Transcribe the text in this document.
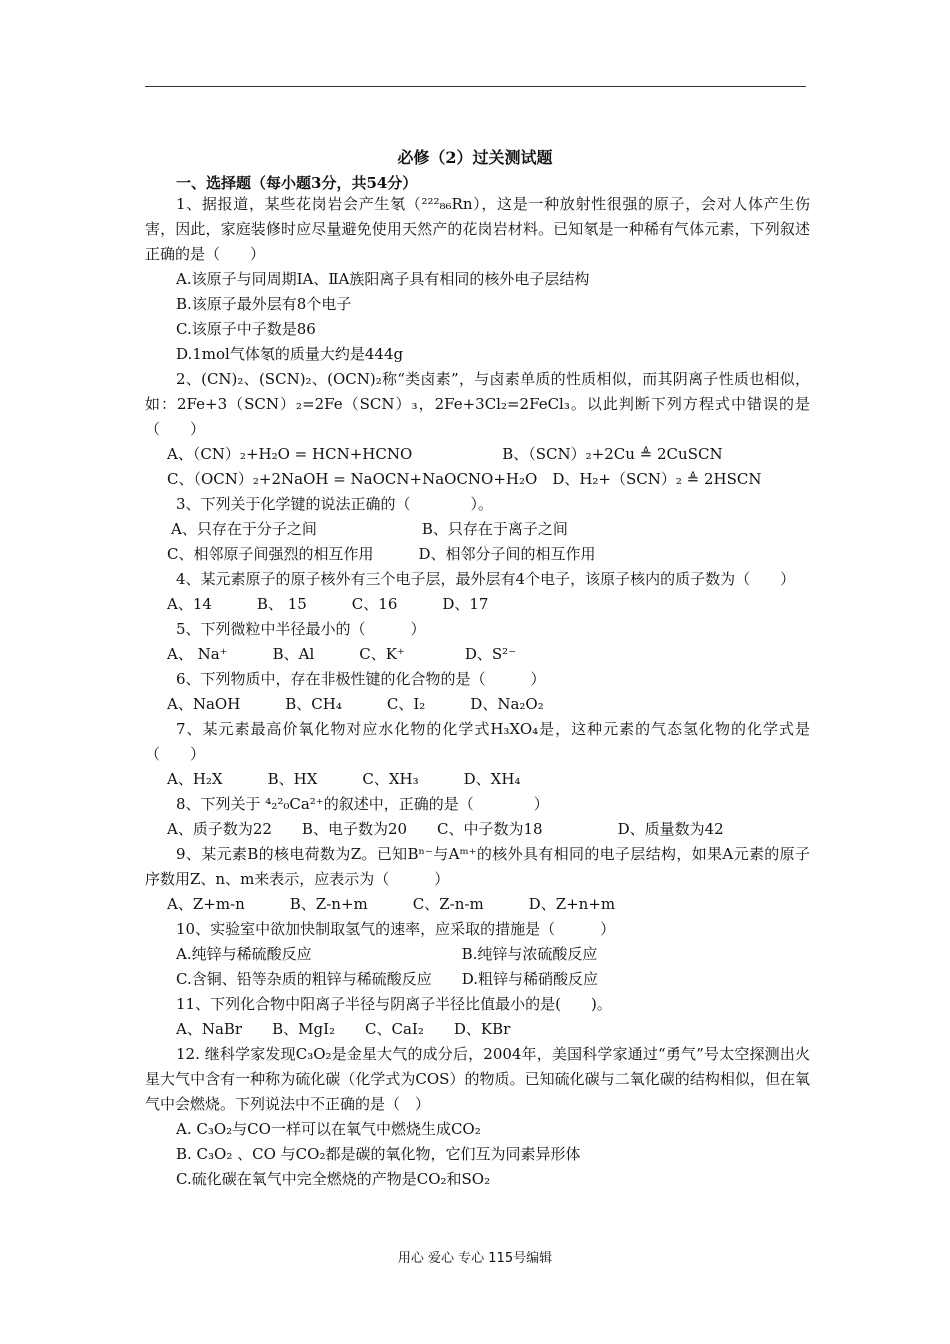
必修（2）过关测试题
一、选择题（每小题3分，共54分）
1、据报道，某些花岗岩会产生氡（²²²₈₆Rn），这是一种放射性很强的原子，会对人体产生伤害，因此，家庭装修时应尽量避免使用天然产的花岗岩材料。已知氡是一种稀有气体元素，下列叙述正确的是（　　）
A.该原子与同周期ⅠA、ⅡA族阳离子具有相同的核外电子层结构
B.该原子最外层有8个电子
C.该原子中子数是86
D.1mol气体氡的质量大约是444g
2、(CN)₂、(SCN)₂、(OCN)₂称“类卤素”，与卤素单质的性质相似，而其阴离子性质也相似，如：2Fe+3（SCN）₂=2Fe（SCN）₃，2Fe+3Cl₂=2FeCl₃。以此判断下列方程式中错误的是（　　）
A、（CN）₂+H₂O = HCN+HCNO　　　　　　B、（SCN）₂+2Cu ≜ 2CuSCN
C、（OCN）₂+2NaOH = NaOCN+NaOCNO+H₂O　D、H₂+（SCN）₂ ≜ 2HSCN
3、下列关于化学键的说法正确的（　　　　）。
A、只存在于分子之间　　　　　　　B、只存在于离子之间
C、相邻原子间强烈的相互作用　　　D、相邻分子间的相互作用
4、某元素原子的原子核外有三个电子层，最外层有4个电子，该原子核内的质子数为（　　）
A、14　　　B、 15　　　C、16　　　D、17
5、下列微粒中半径最小的（　　　）
A、 Na⁺　　　B、Al　　　C、K⁺　　　　D、S²⁻
6、下列物质中，存在非极性键的化合物的是（　　　）
A、NaOH　　　B、CH₄　　　C、I₂　　　D、Na₂O₂
7、某元素最高价氧化物对应水化物的化学式H₃XO₄是，这种元素的气态氢化物的化学式是（　　）
A、H₂X　　　B、HX　　　C、XH₃　　　D、XH₄
8、下列关于 ⁴₂²₀Ca²⁺的叙述中，正确的是（　　　　）
A、质子数为22　　B、电子数为20　　C、中子数为18　　　　　D、质量数为42
9、某元素B的核电荷数为Z。已知Bⁿ⁻与Aᵐ⁺的核外具有相同的电子层结构，如果A元素的原子序数用Z、n、m来表示，应表示为（　　　）
A、Z+m-n　　　B、Z-n+m　　　C、Z-n-m　　　D、Z+n+m
10、实验室中欲加快制取氢气的速率，应采取的措施是（　　　）
A.纯锌与稀硫酸反应　　　　　　　　　　B.纯锌与浓硫酸反应
C.含铜、铅等杂质的粗锌与稀硫酸反应　　D.粗锌与稀硝酸反应
11、下列化合物中阳离子半径与阴离子半径比值最小的是(　　)。
A、NaBr　　B、MgI₂　　C、CaI₂　　D、KBr
12. 继科学家发现C₃O₂是金星大气的成分后，2004年，美国科学家通过“勇气”号太空探测出火星大气中含有一种称为硫化碳（化学式为COS）的物质。已知硫化碳与二氧化碳的结构相似，但在氧气中会燃烧。下列说法中不正确的是（　）
A. C₃O₂与CO一样可以在氧气中燃烧生成CO₂
B. C₃O₂ 、CO 与CO₂都是碳的氧化物，它们互为同素异形体
C.硫化碳在氧气中完全燃烧的产物是CO₂和SO₂
用心 爱心 专心 115号编辑
